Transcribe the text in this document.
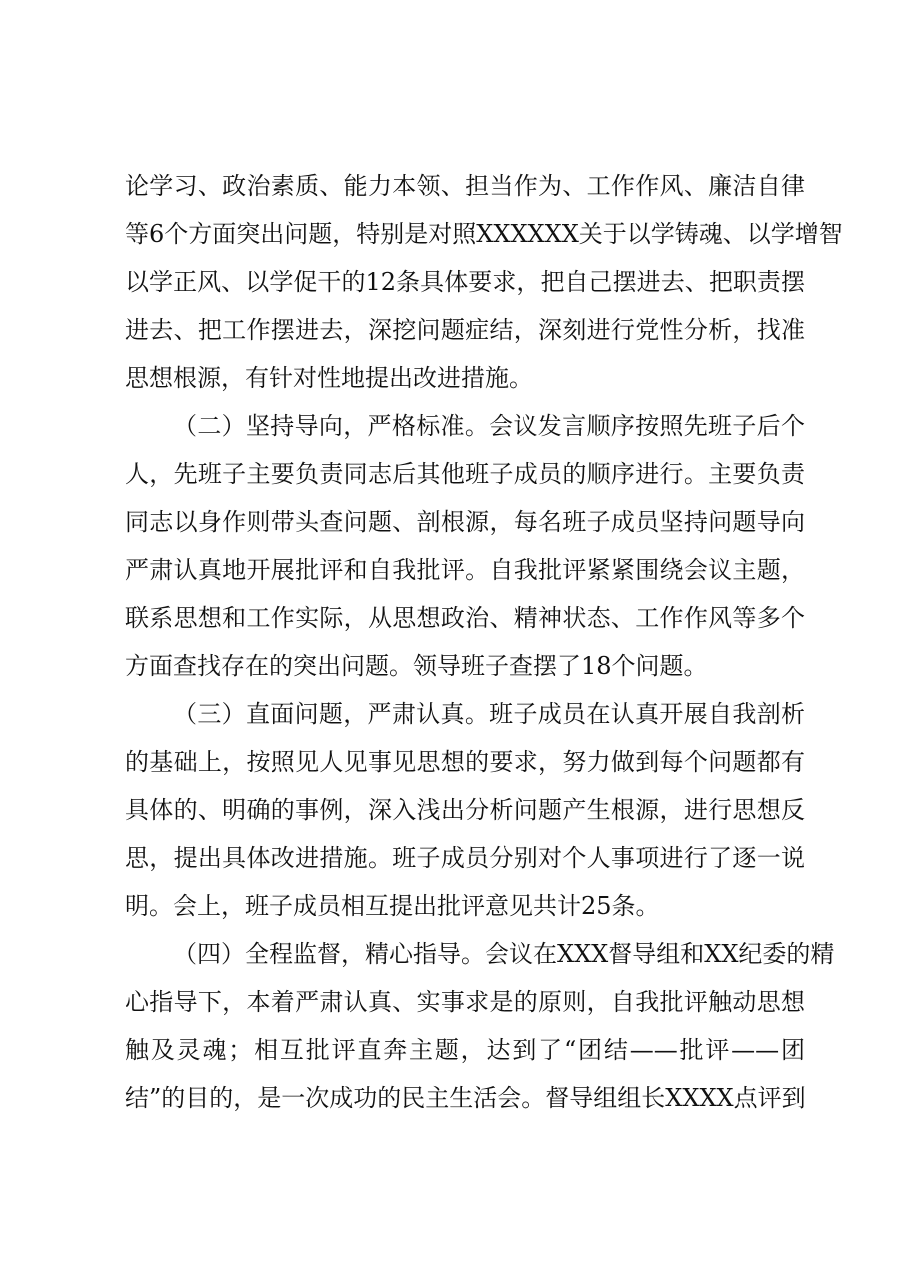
论学习、政治素质、能力本领、担当作为、工作作风、廉洁自律
等6个方面突出问题，特别是对照XXXXXX关于以学铸魂、以学增智
以学正风、以学促干的12条具体要求，把自己摆进去、把职责摆
进去、把工作摆进去，深挖问题症结，深刻进行党性分析，找准
思想根源，有针对性地提出改进措施。
（二）坚持导向，严格标准。会议发言顺序按照先班子后个
人，先班子主要负责同志后其他班子成员的顺序进行。主要负责
同志以身作则带头查问题、剖根源，每名班子成员坚持问题导向
严肃认真地开展批评和自我批评。自我批评紧紧围绕会议主题，
联系思想和工作实际，从思想政治、精神状态、工作作风等多个
方面查找存在的突出问题。领导班子查摆了18个问题。
（三）直面问题，严肃认真。班子成员在认真开展自我剖析
的基础上，按照见人见事见思想的要求，努力做到每个问题都有
具体的、明确的事例，深入浅出分析问题产生根源，进行思想反
思，提出具体改进措施。班子成员分别对个人事项进行了逐一说
明。会上，班子成员相互提出批评意见共计25条。
（四）全程监督，精心指导。会议在XXX督导组和XX纪委的精
心指导下，本着严肃认真、实事求是的原则，自我批评触动思想
触及灵魂；相互批评直奔主题，达到了“团结——批评——团
结”的目的，是一次成功的民主生活会。督导组组长XXXX点评到
